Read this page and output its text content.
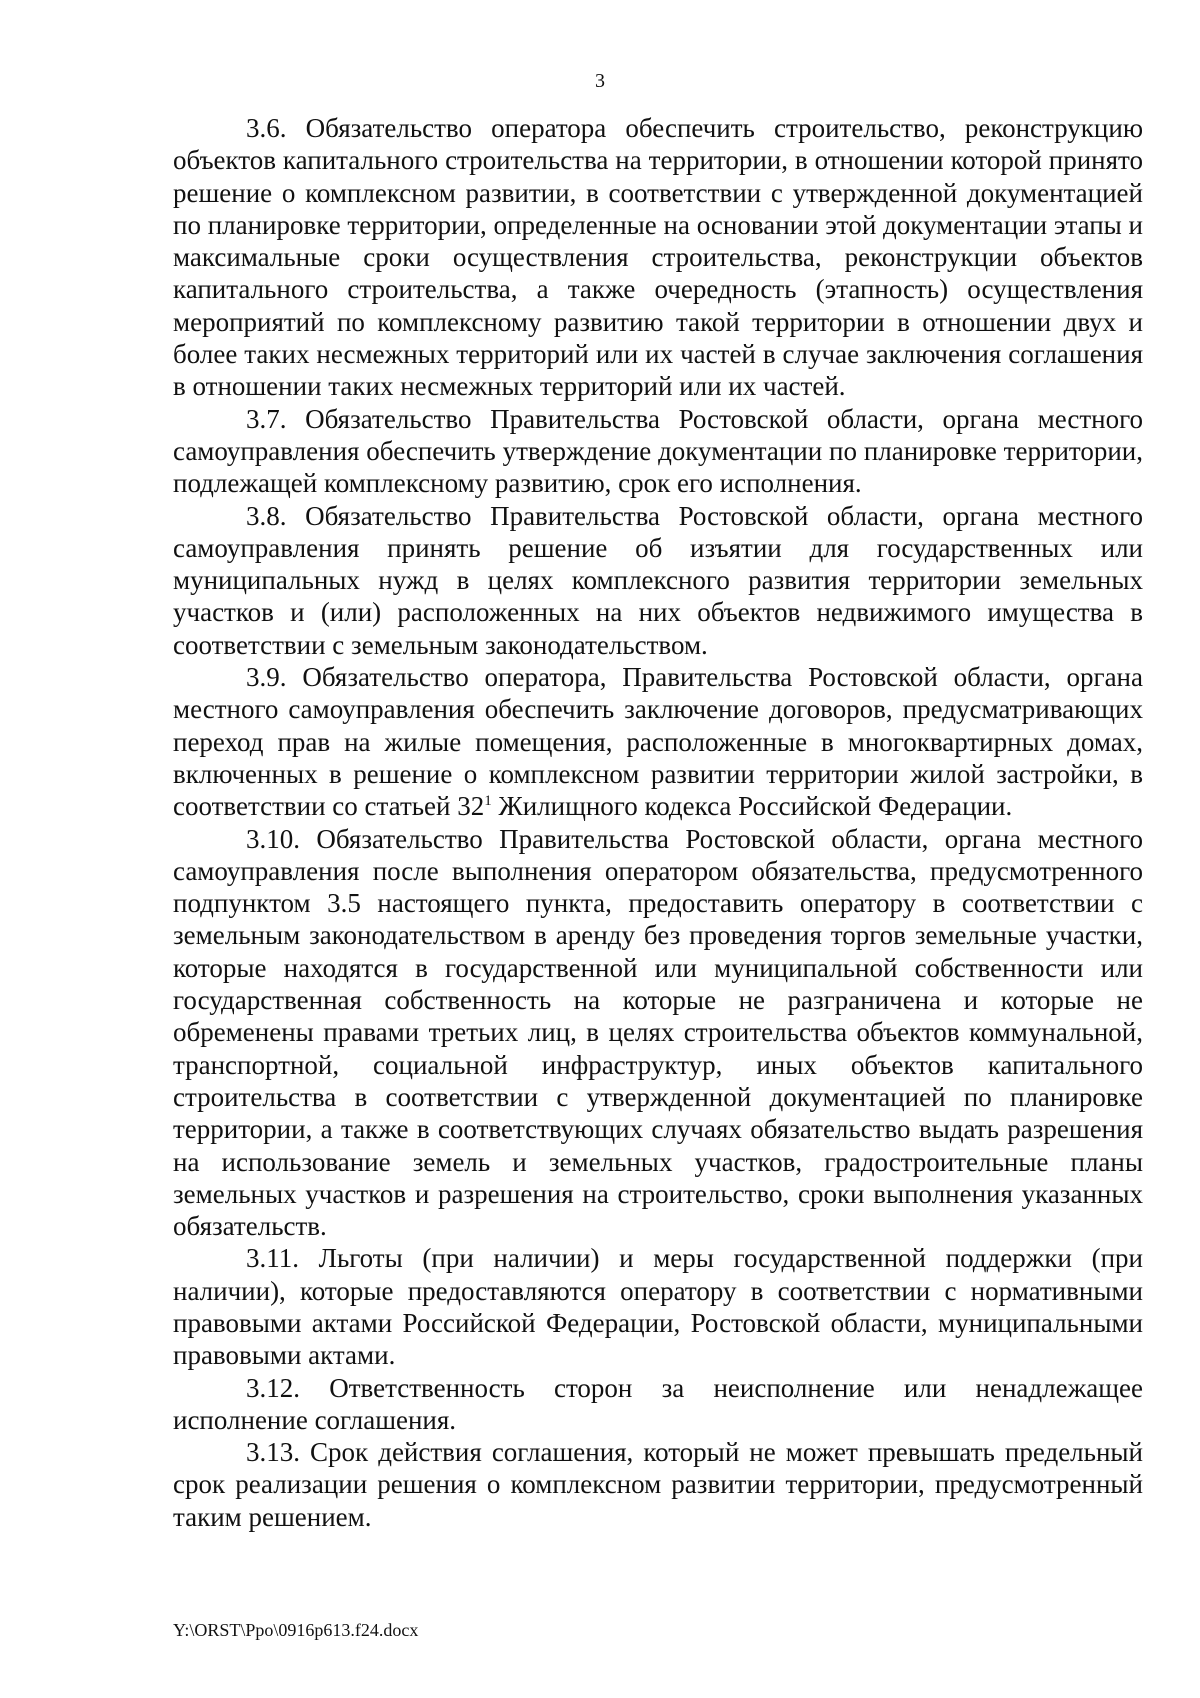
3

3.6. Обязательство оператора обеспечить строительство, реконструкцию объектов капитального строительства на территории, в отношении которой принято решение о комплексном развитии, в соответствии с утвержденной документацией по планировке территории, определенные на основании этой документации этапы и максимальные сроки осуществления строительства, реконструкции объектов капитального строительства, а также очередность (этапность) осуществления мероприятий по комплексному развитию такой территории в отношении двух и более таких несмежных территорий или их частей в случае заключения соглашения в отношении таких несмежных территорий или их частей.

3.7. Обязательство Правительства Ростовской области, органа местного самоуправления обеспечить утверждение документации по планировке территории, подлежащей комплексному развитию, срок его исполнения.

3.8. Обязательство Правительства Ростовской области, органа местного самоуправления принять решение об изъятии для государственных или муниципальных нужд в целях комплексного развития территории земельных участков и (или) расположенных на них объектов недвижимого имущества в соответствии с земельным законодательством.

3.9. Обязательство оператора, Правительства Ростовской области, органа местного самоуправления обеспечить заключение договоров, предусматривающих переход прав на жилые помещения, расположенные в многоквартирных домах, включенных в решение о комплексном развитии территории жилой застройки, в соответствии со статьей $32^1$ Жилищного кодекса Российской Федерации.

3.10. Обязательство Правительства Ростовской области, органа местного самоуправления после выполнения оператором обязательства, предусмотренного подпунктом 3.5 настоящего пункта, предоставить оператору в соответствии с земельным законодательством в аренду без проведения торгов земельные участки, которые находятся в государственной или муниципальной собственности или государственная собственность на которые не разграничена и которые не обременены правами третьих лиц, в целях строительства объектов коммунальной, транспортной, социальной инфраструктур, иных объектов капитального строительства в соответствии с утвержденной документацией по планировке территории, а также в соответствующих случаях обязательство выдать разрешения на использование земель и земельных участков, градостроительные планы земельных участков и разрешения на строительство, сроки выполнения указанных обязательств.

3.11. Льготы (при наличии) и меры государственной поддержки (при наличии), которые предоставляются оператору в соответствии с нормативными правовыми актами Российской Федерации, Ростовской области, муниципальными правовыми актами.

3.12. Ответственность сторон за неисполнение или ненадлежащее исполнение соглашения.

3.13. Срок действия соглашения, который не может превышать предельный срок реализации решения о комплексном развитии территории, предусмотренный таким решением.

Y:\ORST\Ppo\0916p613.f24.docx
